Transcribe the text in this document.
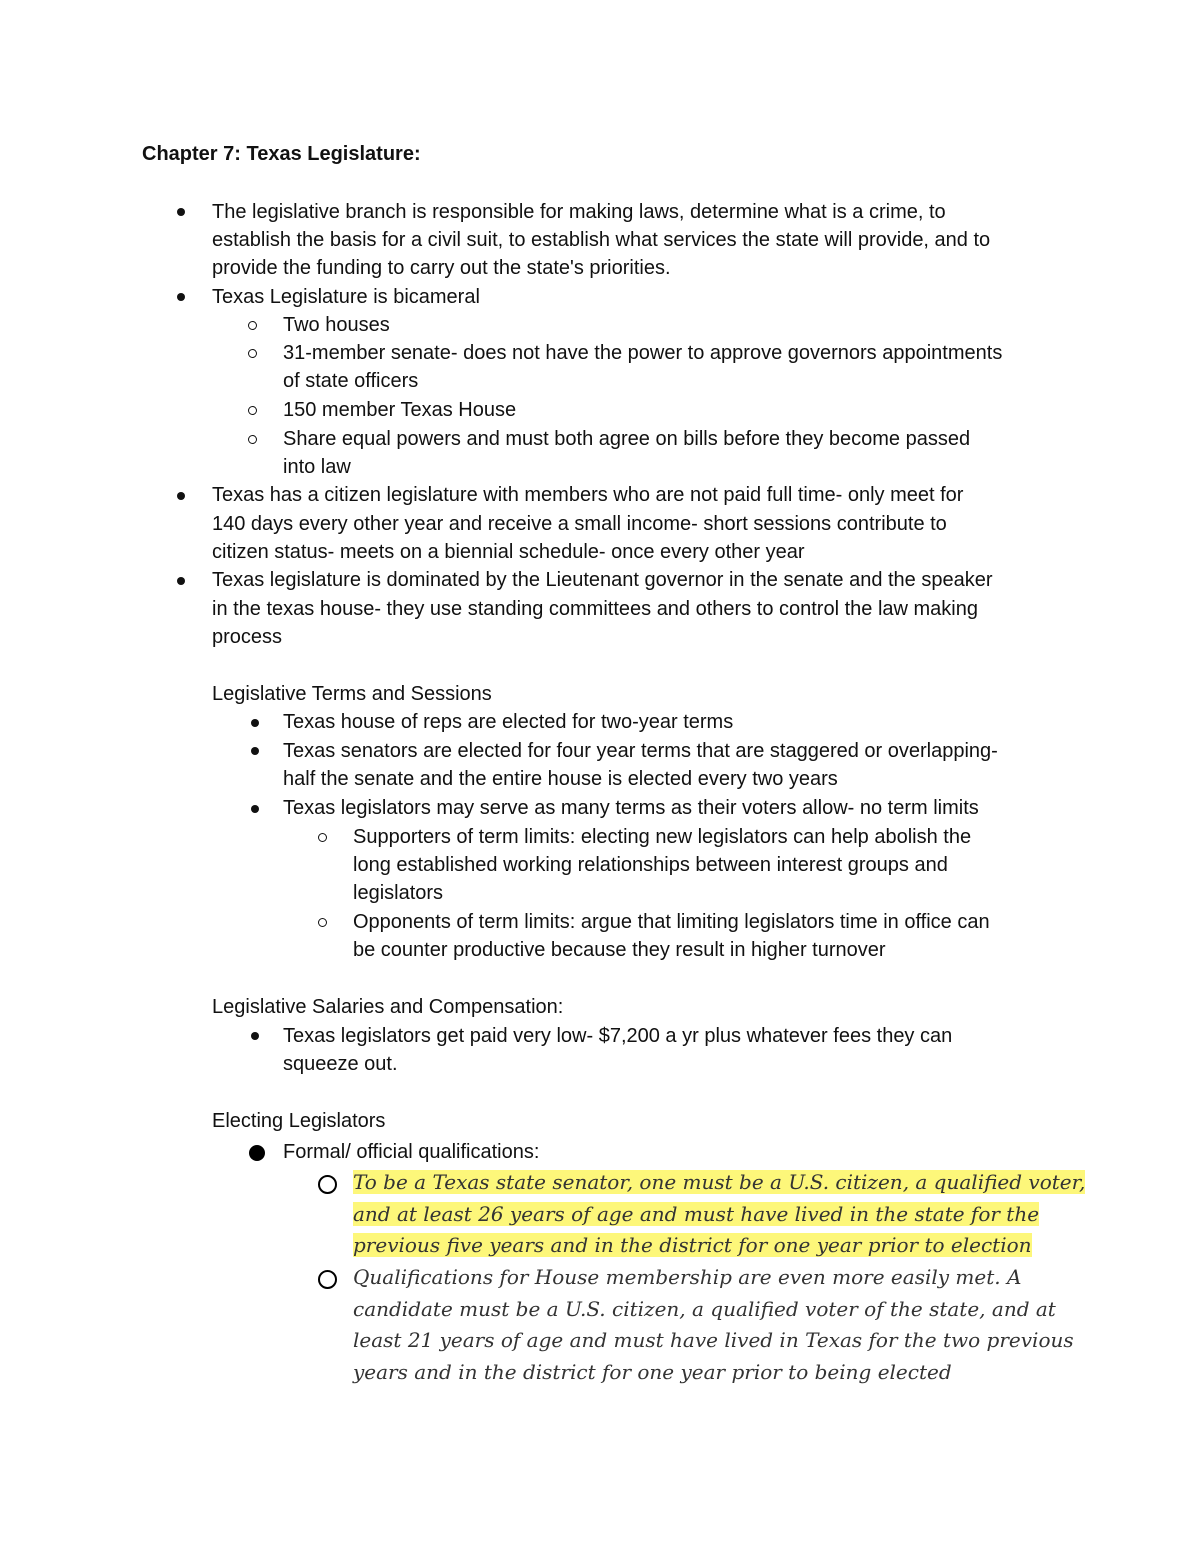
Chapter 7: Texas Legislature:
The legislative branch is responsible for making laws, determine what is a crime, to
establish the basis for a civil suit, to establish what services the state will provide, and to
provide the funding to carry out the state's priorities.
Texas Legislature is bicameral
Two houses
31-member senate- does not have the power to approve governors appointments
of state officers
150 member Texas House
Share equal powers and must both agree on bills before they become passed
into law
Texas has a citizen legislature with members who are not paid full time- only meet for
140 days every other year and receive a small income- short sessions contribute to
citizen status- meets on a biennial schedule- once every other year
Texas legislature is dominated by the Lieutenant governor in the senate and the speaker
in the texas house- they use standing committees and others to control the law making
process
Legislative Terms and Sessions
Texas house of reps are elected for two-year terms
Texas senators are elected for four year terms that are staggered or overlapping-
half the senate and the entire house is elected every two years
Texas legislators may serve as many terms as their voters allow- no term limits
Supporters of term limits: electing new legislators can help abolish the
long established working relationships between interest groups and
legislators
Opponents of term limits: argue that limiting legislators time in office can
be counter productive because they result in higher turnover
Legislative Salaries and Compensation:
Texas legislators get paid very low- $7,200 a yr plus whatever fees they can
squeeze out.
Electing Legislators
Formal/ official qualifications:
To be a Texas state senator, one must be a U.S. citizen, a qualified voter,
and at least 26 years of age and must have lived in the state for the
previous five years and in the district for one year prior to election
Qualifications for House membership are even more easily met. A
candidate must be a U.S. citizen, a qualified voter of the state, and at
least 21 years of age and must have lived in Texas for the two previous
years and in the district for one year prior to being elected
